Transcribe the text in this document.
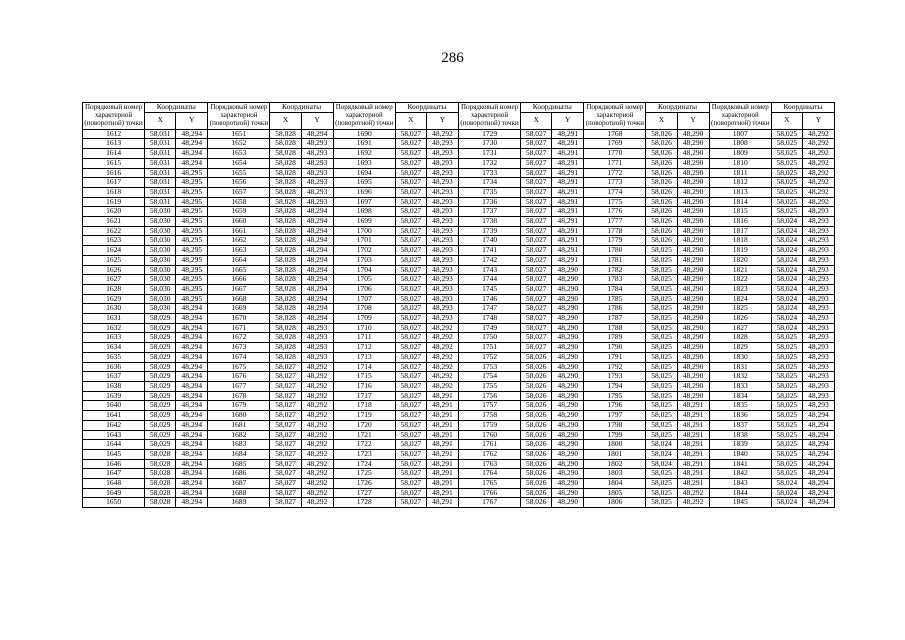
286
Порядковый номер характерной (поворотной) точки	Координаты		Порядковый номер характерной (поворотной) точки	Координаты		Порядковый номер характерной (поворотной) точки	Координаты		Порядковый номер характерной (поворотной) точки	Координаты		Порядковый номер характерной (поворотной) точки	Координаты		Порядковый номер характерной (поворотной) точки	Координаты	
	X	Y		X	Y		X	Y		X	Y		X	Y		X	Y
1612	58,031	48,294	1651	58,028	48,294	1690	58,027	48,292	1729	58,027	48,291	1768	58,026	48,290	1807	58,025	48,292
1613	58,031	48,294	1652	58,028	48,293	1691	58,027	48,293	1730	58,027	48,291	1769	58,026	48,290	1808	58,025	48,292
1614	58,031	48,294	1653	58,028	48,293	1692	58,027	48,293	1731	58,027	48,291	1770	58,026	48,290	1809	58,025	48,292
1615	58,031	48,294	1654	58,028	48,293	1693	58,027	48,293	1732	58,027	48,291	1771	58,026	48,290	1810	58,025	48,292
1616	58,031	48,295	1655	58,028	48,293	1694	58,027	48,293	1733	58,027	48,291	1772	58,026	48,290	1811	58,025	48,292
1617	58,031	48,295	1656	58,028	48,293	1695	58,027	48,293	1734	58,027	48,291	1773	58,026	48,290	1812	58,025	48,292
1618	58,031	48,295	1657	58,028	48,293	1696	58,027	48,293	1735	58,027	48,291	1774	58,026	48,290	1813	58,025	48,292
1619	58,031	48,295	1658	58,028	48,293	1697	58,027	48,293	1736	58,027	48,291	1775	58,026	48,290	1814	58,025	48,292
1620	58,030	48,295	1659	58,028	48,294	1698	58,027	48,293	1737	58,027	48,291	1776	58,026	48,290	1815	58,025	48,293
1621	58,030	48,295	1660	58,028	48,294	1699	58,027	48,293	1738	58,027	48,291	1777	58,026	48,290	1816	58,024	48,293
1622	58,030	48,295	1661	58,028	48,294	1700	58,027	48,293	1739	58,027	48,291	1778	58,026	48,290	1817	58,024	48,293
1623	58,030	48,295	1662	58,028	48,294	1701	58,027	48,293	1740	58,027	48,291	1779	58,026	48,290	1818	58,024	48,293
1624	58,030	48,295	1663	58,028	48,294	1702	58,027	48,293	1741	58,027	48,291	1780	58,025	48,290	1819	58,024	48,293
1625	58,030	48,295	1664	58,028	48,294	1703	58,027	48,293	1742	58,027	48,291	1781	58,025	48,290	1820	58,024	48,293
1626	58,030	48,295	1665	58,028	48,294	1704	58,027	48,293	1743	58,027	48,290	1782	58,025	48,290	1821	58,024	48,293
1627	58,030	48,295	1666	58,028	48,294	1705	58,027	48,293	1744	58,027	48,290	1783	58,025	48,290	1822	58,024	48,293
1628	58,030	48,295	1667	58,028	48,294	1706	58,027	48,293	1745	58,027	48,290	1784	58,025	48,290	1823	58,024	48,293
1629	58,030	48,295	1668	58,028	48,294	1707	58,027	48,293	1746	58,027	48,290	1785	58,025	48,290	1824	58,024	48,293
1630	58,030	48,294	1669	58,028	48,294	1708	58,027	48,293	1747	58,027	48,290	1786	58,025	48,290	1825	58,024	48,293
1631	58,029	48,294	1670	58,028	48,294	1709	58,027	48,293	1748	58,027	48,290	1787	58,025	48,290	1826	58,024	48,293
1632	58,029	48,294	1671	58,028	48,293	1710	58,027	48,292	1749	58,027	48,290	1788	58,025	48,290	1827	58,024	48,293
1633	58,029	48,294	1672	58,028	48,293	1711	58,027	48,292	1750	58,027	48,290	1789	58,025	48,290	1828	58,025	48,293
1634	58,029	48,294	1673	58,028	48,293	1712	58,027	48,292	1751	58,027	48,290	1790	58,025	48,290	1829	58,025	48,293
1635	58,029	48,294	1674	58,028	48,293	1713	58,027	48,292	1752	58,026	48,290	1791	58,025	48,290	1830	58,025	48,293
1636	58,029	48,294	1675	58,027	48,292	1714	58,027	48,292	1753	58,026	48,290	1792	58,025	48,290	1831	58,025	48,293
1637	58,029	48,294	1676	58,027	48,292	1715	58,027	48,292	1754	58,026	48,290	1793	58,025	48,290	1832	58,025	48,293
1638	58,029	48,294	1677	58,027	48,292	1716	58,027	48,292	1755	58,026	48,290	1794	58,025	48,290	1833	58,025	48,293
1639	58,029	48,294	1678	58,027	48,292	1717	58,027	48,291	1756	58,026	48,290	1795	58,025	48,290	1834	58,025	48,293
1640	58,029	48,294	1679	58,027	48,292	1718	58,027	48,291	1757	58,026	48,290	1796	58,025	48,291	1835	58,025	48,293
1641	58,029	48,294	1680	58,027	48,292	1719	58,027	48,291	1758	58,026	48,290	1797	58,025	48,291	1836	58,025	48,294
1642	58,029	48,294	1681	58,027	48,292	1720	58,027	48,291	1759	58,026	48,290	1798	58,025	48,291	1837	58,025	48,294
1643	58,029	48,294	1682	58,027	48,292	1721	58,027	48,291	1760	58,026	48,290	1799	58,025	48,291	1838	58,025	48,294
1644	58,029	48,294	1683	58,027	48,292	1722	58,027	48,291	1761	58,026	48,290	1800	58,024	48,291	1839	58,025	48,294
1645	58,028	48,294	1684	58,027	48,292	1723	58,027	48,291	1762	58,026	48,290	1801	58,024	48,291	1840	58,025	48,294
1646	58,028	48,294	1685	58,027	48,292	1724	58,027	48,291	1763	58,026	48,290	1802	58,024	48,291	1841	58,025	48,294
1647	58,028	48,294	1686	58,027	48,292	1725	58,027	48,291	1764	58,026	48,290	1803	58,025	48,291	1842	58,025	48,294
1648	58,028	48,294	1687	58,027	48,292	1726	58,027	48,291	1765	58,026	48,290	1804	58,025	48,291	1843	58,024	48,294
1649	58,028	48,294	1688	58,027	48,292	1727	58,027	48,291	1766	58,026	48,290	1805	58,025	48,292	1844	58,024	48,294
1650	58,028	48,294	1689	58,027	48,292	1728	58,027	48,291	1767	58,026	48,290	1806	58,025	48,292	1845	58,024	48,294
